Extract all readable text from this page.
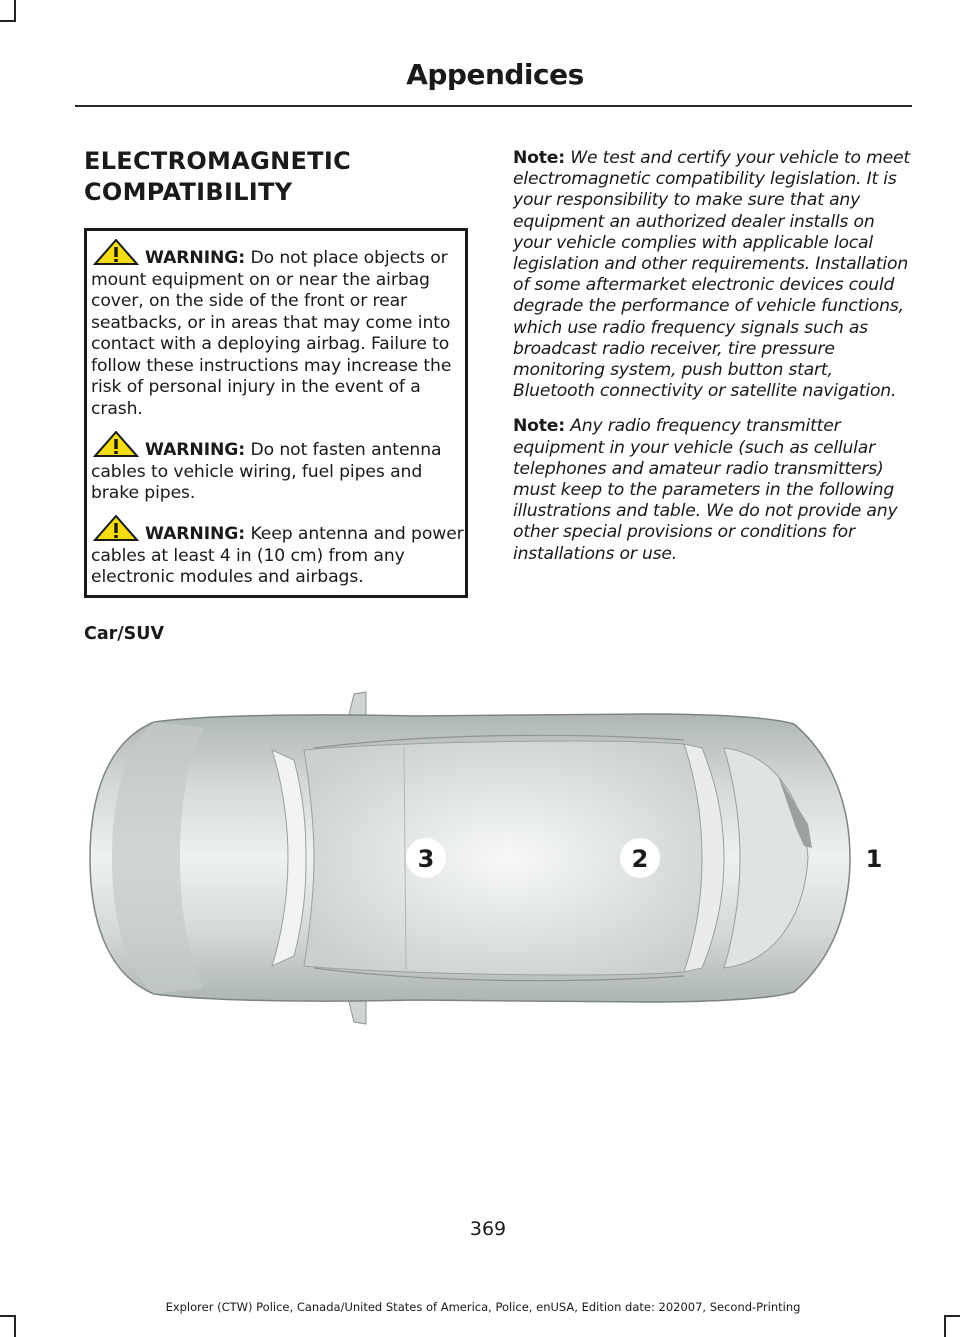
Appendices
ELECTROMAGNETIC COMPATIBILITY

WARNING: Do not place objects or mount equipment on or near the airbag cover, on the side of the front or rear seatbacks, or in areas that may come into contact with a deploying airbag. Failure to follow these instructions may increase the risk of personal injury in the event of a crash.

WARNING: Do not fasten antenna cables to vehicle wiring, fuel pipes and brake pipes.

WARNING: Keep antenna and power cables at least 4 in (10 cm) from any electronic modules and airbags.

Note: We test and certify your vehicle to meet electromagnetic compatibility legislation. It is your responsibility to make sure that any equipment an authorized dealer installs on your vehicle complies with applicable local legislation and other requirements. Installation of some aftermarket electronic devices could degrade the performance of vehicle functions, which use radio frequency signals such as broadcast radio receiver, tire pressure monitoring system, push button start, Bluetooth connectivity or satellite navigation.

Note: Any radio frequency transmitter equipment in your vehicle (such as cellular telephones and amateur radio transmitters) must keep to the parameters in the following illustrations and table. We do not provide any other special provisions or conditions for installations or use.

Car/SUV
3	2	1
369
Explorer (CTW) Police, Canada/United States of America, Police, enUSA, Edition date: 202007, Second-Printing
